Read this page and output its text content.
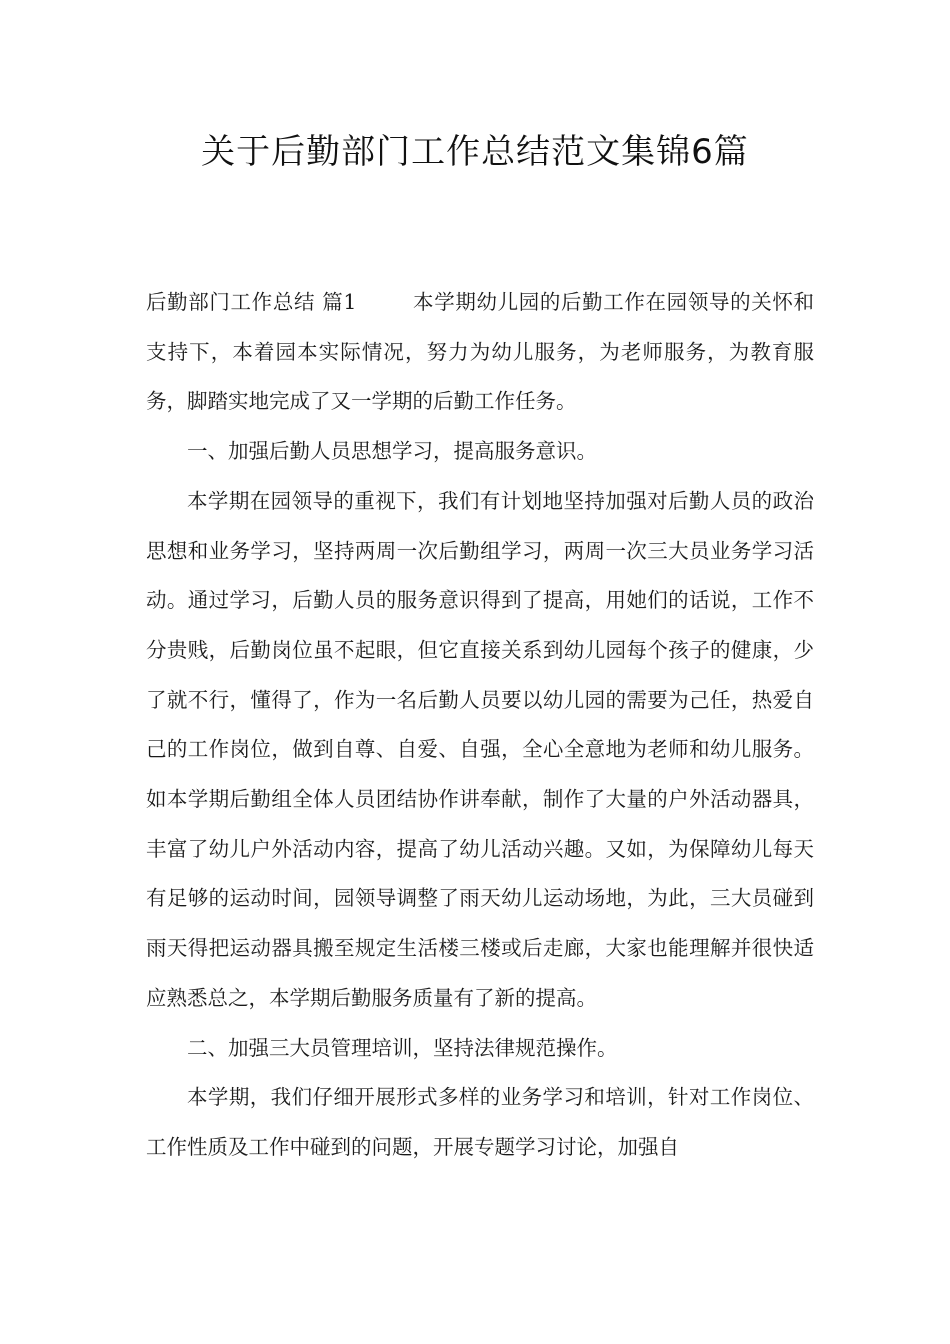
关于后勤部门工作总结范文集锦6篇

后勤部门工作总结 篇1	本学期幼儿园的后勤工作在园领导的关怀和支持下，本着园本实际情况，努力为幼儿服务，为老师服务，为教育服务，脚踏实地完成了又一学期的后勤工作任务。

一、加强后勤人员思想学习，提高服务意识。

本学期在园领导的重视下，我们有计划地坚持加强对后勤人员的政治思想和业务学习，坚持两周一次后勤组学习，两周一次三大员业务学习活动。通过学习，后勤人员的服务意识得到了提高，用她们的话说，工作不分贵贱，后勤岗位虽不起眼，但它直接关系到幼儿园每个孩子的健康，少了就不行，懂得了，作为一名后勤人员要以幼儿园的需要为己任，热爱自己的工作岗位，做到自尊、自爱、自强，全心全意地为老师和幼儿服务。如本学期后勤组全体人员团结协作讲奉献，制作了大量的户外活动器具，丰富了幼儿户外活动内容，提高了幼儿活动兴趣。又如，为保障幼儿每天有足够的运动时间，园领导调整了雨天幼儿运动场地，为此，三大员碰到雨天得把运动器具搬至规定生活楼三楼或后走廊，大家也能理解并很快适应熟悉总之，本学期后勤服务质量有了新的提高。

二、加强三大员管理培训，坚持法律规范操作。

本学期，我们仔细开展形式多样的业务学习和培训，针对工作岗位、工作性质及工作中碰到的问题，开展专题学习讨论，加强自
